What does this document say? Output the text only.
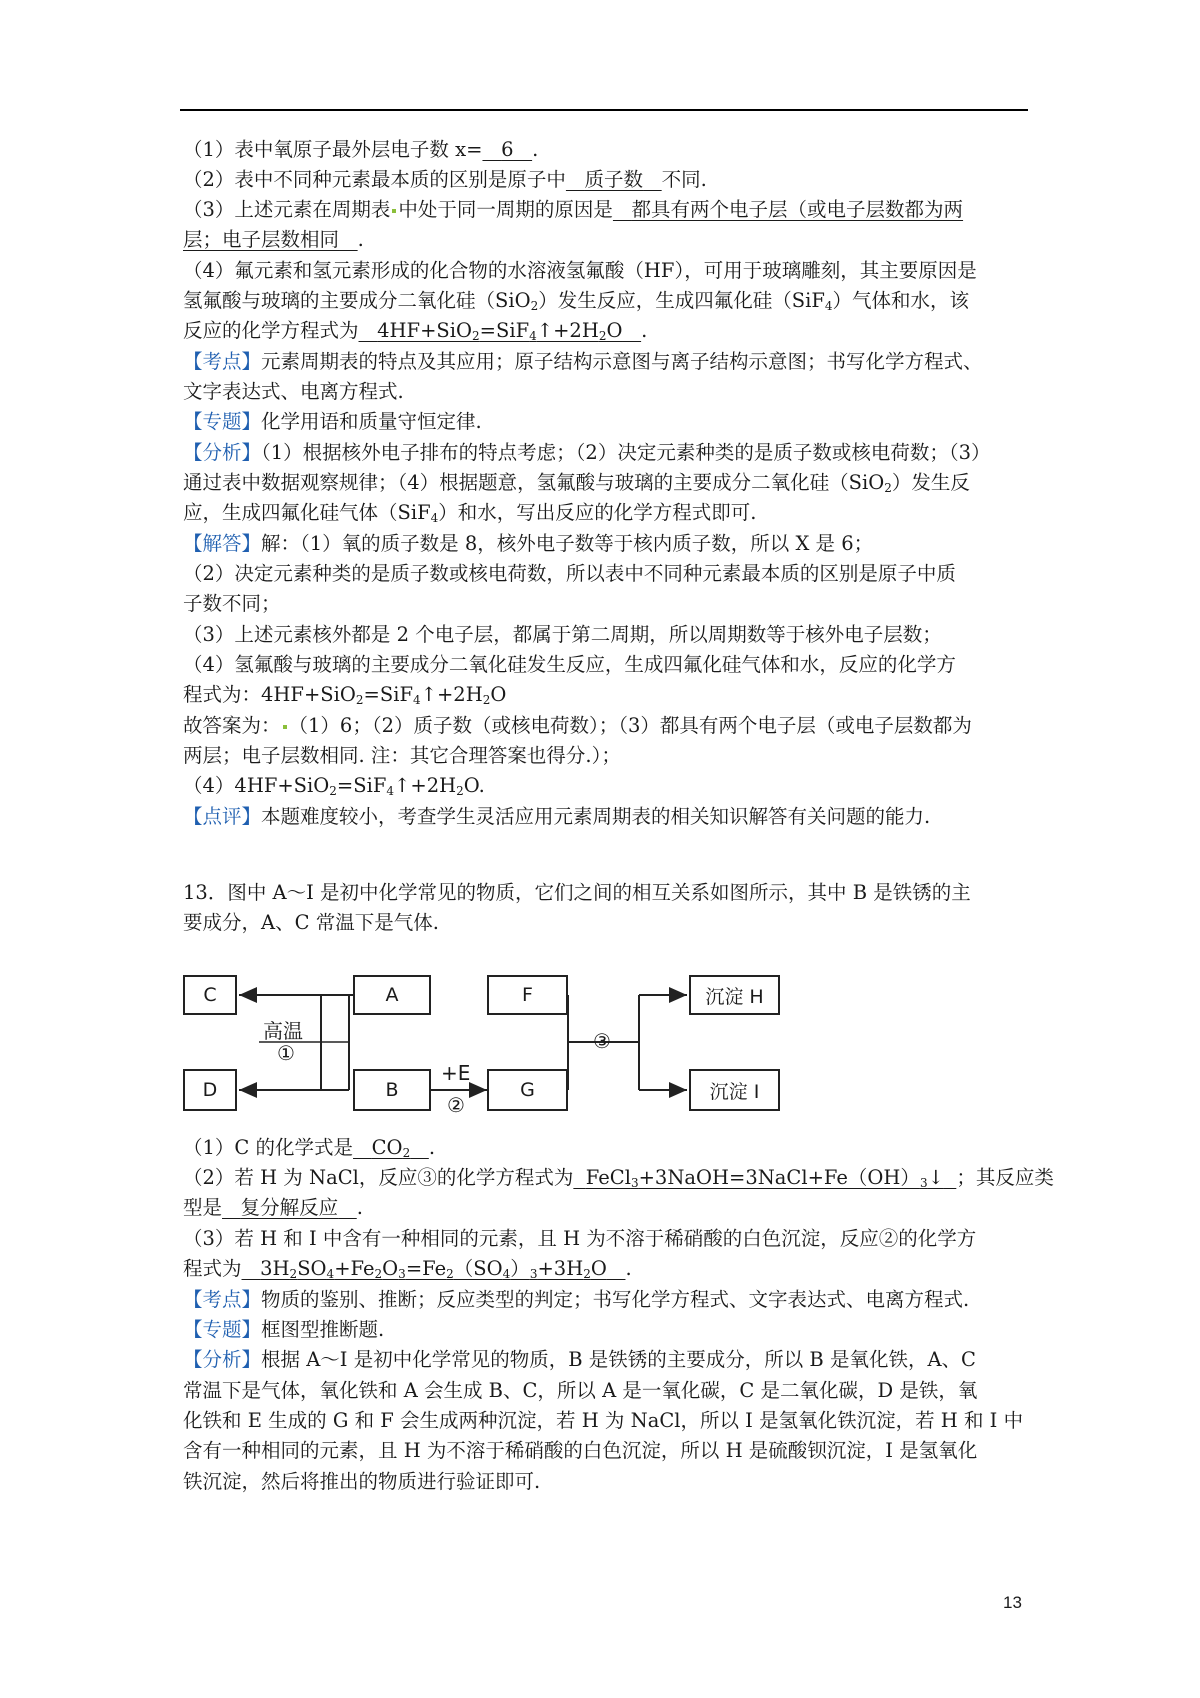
（1）表中氧原子最外层电子数 x= 6 .
（2）表中不同种元素最本质的区别是原子中 质子数 不同.
（3）上述元素在周期表 中处于同一周期的原因是 都具有两个电子层（或电子层数都为两
层；电子层数相同 .
（4）氟元素和氢元素形成的化合物的水溶液氢氟酸（HF），可用于玻璃雕刻，其主要原因是
氢氟酸与玻璃的主要成分二氧化硅（SiO$_2$）发生反应，生成四氟化硅（SiF$_4$）气体和水，该
反应的化学方程式为 $4HF+SiO_2=SiF_4↑+2H_2O$ .
【考点】元素周期表的特点及其应用；原子结构示意图与离子结构示意图；书写化学方程式、
文字表达式、电离方程式.
【专题】化学用语和质量守恒定律.
【分析】（1）根据核外电子排布的特点考虑；（2）决定元素种类的是质子数或核电荷数；（3）
通过表中数据观察规律；（4）根据题意，氢氟酸与玻璃的主要成分二氧化硅（SiO$_2$）发生反
应，生成四氟化硅气体（SiF$_4$）和水，写出反应的化学方程式即可.
【解答】解：（1）氧的质子数是 8，核外电子数等于核内质子数，所以 X 是 6；
（2）决定元素种类的是质子数或核电荷数，所以表中不同种元素最本质的区别是原子中质
子数不同；
（3）上述元素核外都是 2 个电子层，都属于第二周期，所以周期数等于核外电子层数；
（4）氢氟酸与玻璃的主要成分二氧化硅发生反应，生成四氟化硅气体和水，反应的化学方
程式为：$4HF+SiO_2=SiF_4↑+2H_2O$
故答案为： （1）6；（2）质子数（或核电荷数）；（3）都具有两个电子层（或电子层数都为
两层；电子层数相同. 注：其它合理答案也得分.）；
$(4)4HF+SiO_2=SiF_4↑+2H_2O$.
【点评】本题难度较小，考查学生灵活应用元素周期表的相关知识解答有关问题的能力.
13．图中 A～I 是初中化学常见的物质，它们之间的相互关系如图所示，其中 B 是铁锈的主
要成分，A、C 常温下是气体.
（1）C 的化学式是 $CO_2$ .
（2）若 H 为 NaCl，反应③的化学方程式为 $FeCl_3+3NaOH=3NaCl+Fe(OH)_3↓$ ；其反应类
型是 复分解反应 .
（3）若 H 和 I 中含有一种相同的元素，且 H 为不溶于稀硝酸的白色沉淀，反应②的化学方
程式为 $3H_2SO_4+Fe_2O_3=Fe_2(SO_4)_3+3H_2O$ .
【考点】物质的鉴别、推断；反应类型的判定；书写化学方程式、文字表达式、电离方程式.
【专题】框图型推断题.
【分析】根据 A～I 是初中化学常见的物质，B 是铁锈的主要成分，所以 B 是氧化铁，A、C
常温下是气体，氧化铁和 A 会生成 B、C，所以 A 是一氧化碳，C 是二氧化碳，D 是铁，氧
化铁和 E 生成的 G 和 F 会生成两种沉淀，若 H 为 NaCl，所以 I 是氢氧化铁沉淀，若 H 和 I 中
含有一种相同的元素，且 H 为不溶于稀硝酸的白色沉淀，所以 H 是硫酸钡沉淀，I 是氢氧化
铁沉淀，然后将推出的物质进行验证即可.
C	A	F	沉淀 H
D	B	G	沉淀 I
高温
①
+E
②
③
13
